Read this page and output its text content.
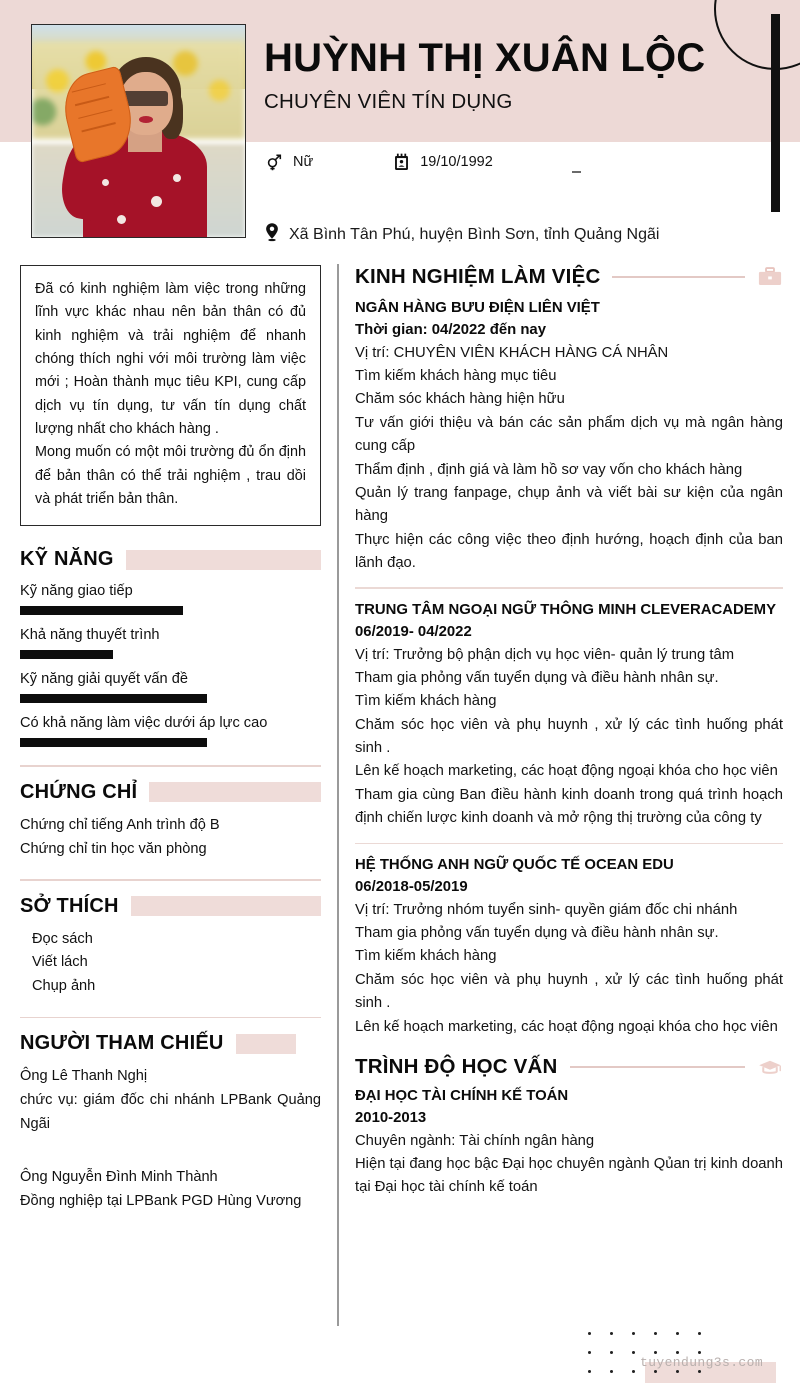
HUỲNH THỊ XUÂN LỘC
CHUYÊN VIÊN TÍN DỤNG
Nữ	19/10/1992
Xã Bình Tân Phú, huyện Bình Sơn, tỉnh Quảng Ngãi

Đã có kinh nghiệm làm việc trong những lĩnh vực khác nhau nên bản thân có đủ kinh nghiệm và trải nghiệm để nhanh chóng thích nghi với môi trường làm việc mới ; Hoàn thành mục tiêu KPI, cung cấp dịch vụ tín dụng, tư vấn tín dụng chất lượng nhất cho khách hàng .

Mong muốn có một môi trường đủ ổn định để bản thân có thể trải nghiệm , trau dồi và phát triển bản thân.

KỸ NĂNG
Kỹ năng giao tiếp
Khả năng thuyết trình
Kỹ năng giải quyết vấn đề
Có khả năng làm việc dưới áp lực cao
CHỨNG CHỈ
Chứng chỉ tiếng Anh trình độ B
Chứng chỉ tin học văn phòng
SỞ THÍCH
Đọc sách
Viết lách
Chụp ảnh
NGƯỜI THAM CHIẾU
Ông Lê Thanh Nghị
chức vụ: giám đốc chi nhánh LPBank Quảng Ngãi
Ông Nguyễn Đình Minh Thành
Đồng nghiệp tại LPBank PGD Hùng Vương
KINH NGHIỆM LÀM VIỆC
NGÂN HÀNG BƯU ĐIỆN LIÊN VIỆT
Thời gian: 04/2022 đến nay
Vị trí: CHUYÊN VIÊN KHÁCH HÀNG CÁ NHÂN
Tìm kiếm khách hàng mục tiêu
Chăm sóc khách hàng hiện hữu
Tư vấn giới thiệu và bán các sản phẩm dịch vụ mà ngân hàng cung cấp
Thẩm định , định giá và làm hồ sơ vay vốn cho khách hàng
Quản lý trang fanpage, chụp ảnh và viết bài sư kiện của ngân hàng
Thực hiện các công việc theo định hướng, hoạch định của ban lãnh đạo.
TRUNG TÂM NGOẠI NGỮ THÔNG MINH CLEVERACADEMY
06/2019- 04/2022
Vị trí: Trưởng bộ phận dịch vụ học viên- quản lý trung tâm
Tham gia phỏng vấn tuyển dụng và điều hành nhân sự.
Tìm kiếm khách hàng
Chăm sóc học viên và phụ huynh , xử lý các tình huống phát sinh .
Lên kế hoạch marketing, các hoạt động ngoại khóa cho học viên
Tham gia cùng Ban điều hành kinh doanh trong quá trình hoạch định chiến lược kinh doanh và mở rộng thị trường của công ty
HỆ THỐNG ANH NGỮ QUỐC TẾ OCEAN EDU
06/2018-05/2019
Vị trí: Trưởng nhóm tuyển sinh- quyền giám đốc chi nhánh
Tham gia phỏng vấn tuyển dụng và điều hành nhân sự.
Tìm kiếm khách hàng
Chăm sóc học viên và phụ huynh , xử lý các tình huống phát sinh .
Lên kế hoạch marketing, các hoạt động ngoại khóa cho học viên
TRÌNH ĐỘ HỌC VẤN
ĐẠI HỌC TÀI CHÍNH KẾ TOÁN
2010-2013
Chuyên ngành: Tài chính ngân hàng
Hiện tại đang học bậc Đại học chuyên ngành Qủan trị kinh doanh tại Đại học tài chính kế toán
tuyendung3s.com
